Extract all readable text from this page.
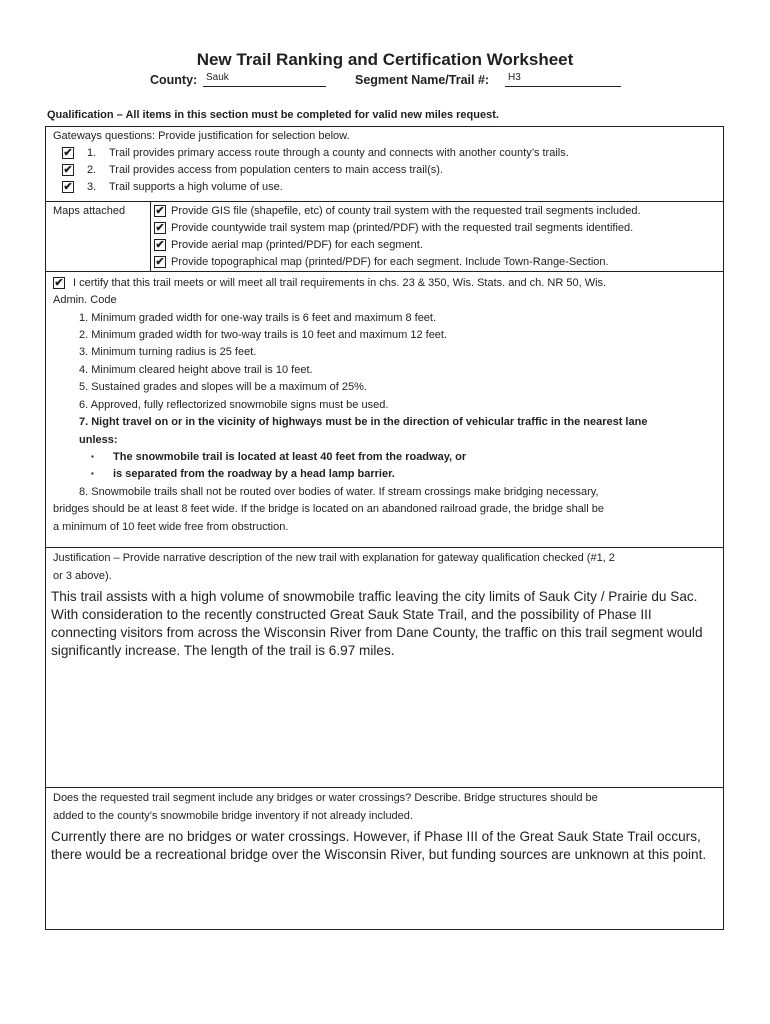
New Trail Ranking and Certification Worksheet
County: Sauk	Segment Name/Trail #:	H3
Qualification – All items in this section must be completed for valid new miles request.
Gateways questions: Provide justification for selection below.
✔ 1. Trail provides primary access route through a county and connects with another county’s trails.
✔ 2. Trail provides access from population centers to main access trail(s).
✔ 3. Trail supports a high volume of use.
Maps attached	✔ Provide GIS file (shapefile, etc) of county trail system with the requested trail segments included.
✔ Provide countywide trail system map (printed/PDF) with the requested trail segments identified.
✔ Provide aerial map (printed/PDF) for each segment.
✔ Provide topographical map (printed/PDF) for each segment. Include Town-Range-Section.
✔ I certify that this trail meets or will meet all trail requirements in chs. 23 & 350, Wis. Stats. and ch. NR 50, Wis.
Admin. Code
1. Minimum graded width for one-way trails is 6 feet and maximum 8 feet.
2. Minimum graded width for two-way trails is 10 feet and maximum 12 feet.
3. Minimum turning radius is 25 feet.
4. Minimum cleared height above trail is 10 feet.
5. Sustained grades and slopes will be a maximum of 25%.
6. Approved, fully reflectorized snowmobile signs must be used.
7. Night travel on or in the vicinity of highways must be in the direction of vehicular traffic in the nearest lane
unless:
▪ The snowmobile trail is located at least 40 feet from the roadway, or
▪ is separated from the roadway by a head lamp barrier.
8. Snowmobile trails shall not be routed over bodies of water. If stream crossings make bridging necessary,
bridges should be at least 8 feet wide. If the bridge is located on an abandoned railroad grade, the bridge shall be
a minimum of 10 feet wide free from obstruction.
Justification – Provide narrative description of the new trail with explanation for gateway qualification checked (#1, 2
or 3 above).
This trail assists with a high volume of snowmobile traffic leaving the city limits of Sauk City / Prairie du Sac. With consideration to the recently constructed Great Sauk State Trail, and the possibility of Phase III connecting visitors from across the Wisconsin River from Dane County, the traffic on this trail segment would significantly increase. The length of the trail is 6.97 miles.
Does the requested trail segment include any bridges or water crossings? Describe. Bridge structures should be
added to the county’s snowmobile bridge inventory if not already included.
Currently there are no bridges or water crossings. However, if Phase III of the Great Sauk State Trail occurs, there would be a recreational bridge over the Wisconsin River, but funding sources are unknown at this point.
